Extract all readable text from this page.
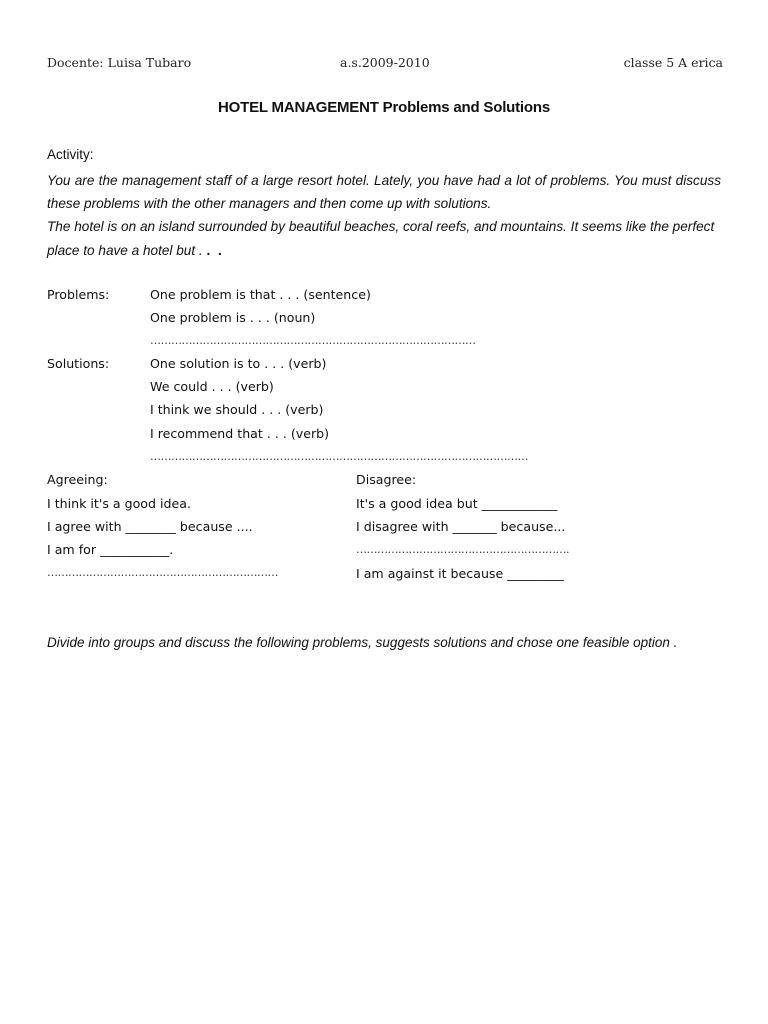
Docente: Luisa Tubaro	a.s.2009-2010	classe 5 A erica
HOTEL MANAGEMENT Problems and Solutions
Activity:

You are the management staff of a large resort hotel. Lately, you have had a lot of problems. You must discuss these problems with the other managers and then come up with solutions.

The hotel is on an island surrounded by beautiful beaches, coral reefs, and mountains. It seems like the perfect place to have a hotel but . . .

Problems:	One problem is that . . . (sentence)
One problem is . . . (noun)
…………………………………………………………………………………
Solutions:	One solution is to . . . (verb)
We could . . . (verb)
I think we should . . . (verb)
I recommend that . . . (verb)
………………………………………………………………………………………………
Agreeing:
I think it's a good idea.
I agree with ________ because ....
I am for ___________.
…………………………………………………………
Disagree:
It's a good idea but ____________
I disagree with _______ because...
…………………………………………………….
I am against it because _________
Divide into groups and discuss the following problems, suggests solutions and chose one feasible option .
